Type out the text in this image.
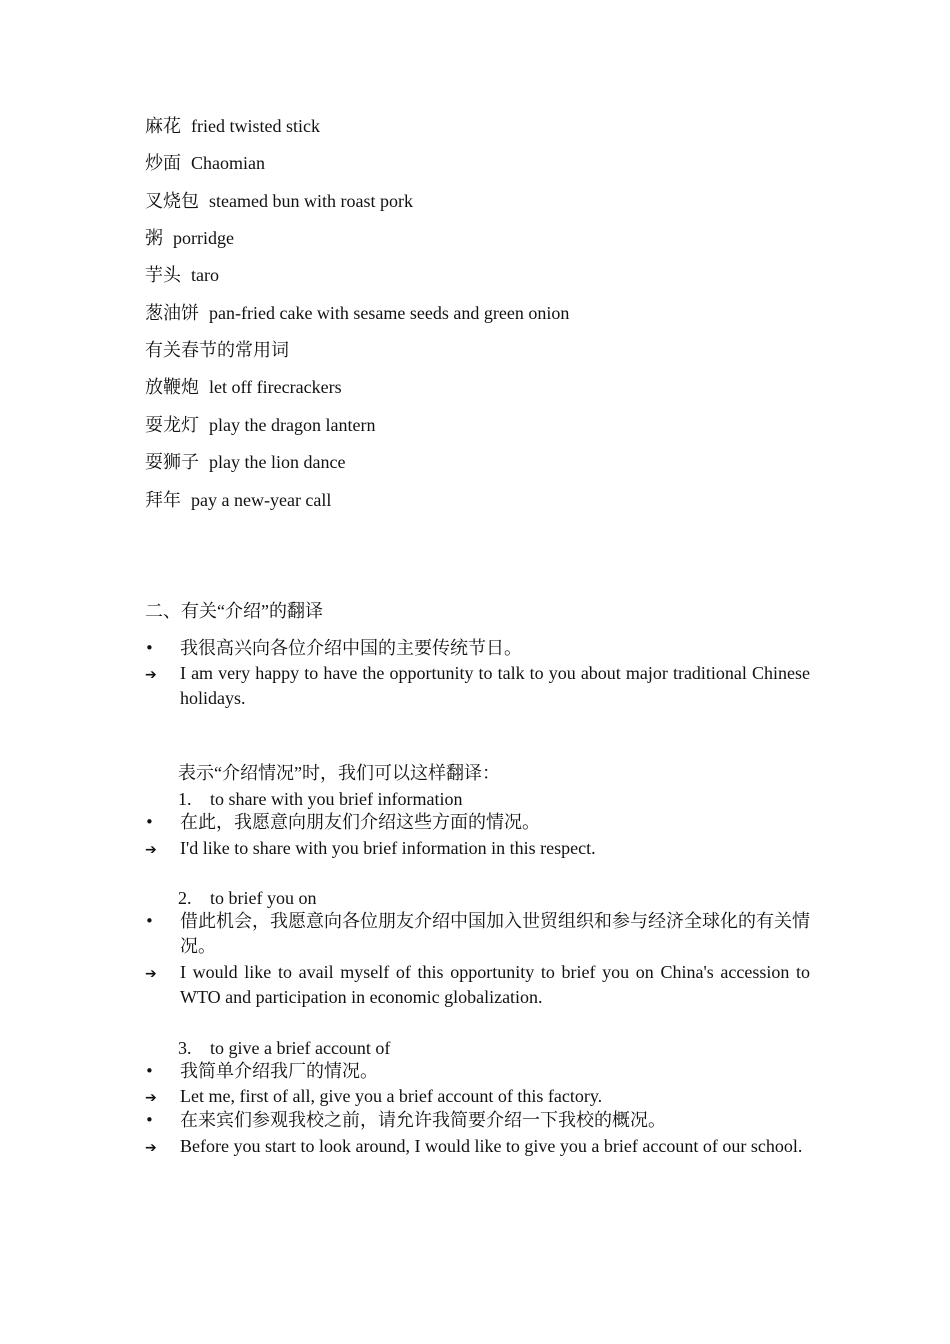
麻花 fried twisted stick
炒面 Chaomian
叉烧包 steamed bun with roast pork
粥 porridge
芋头 taro
葱油饼 pan-fried cake with sesame seeds and green onion
有关春节的常用词
放鞭炮 let off firecrackers
耍龙灯 play the dragon lantern
耍狮子 play the lion dance
拜年 pay a new-year call
二、有关“介绍”的翻译
•	我很高兴向各位介绍中国的主要传统节日。
➔	I am very happy to have the opportunity to talk to you about major traditional Chinese holidays.
表示“介绍情况”时，我们可以这样翻译：
1. to share with you brief information
•	在此，我愿意向朋友们介绍这些方面的情况。
➔	I'd like to share with you brief information in this respect.
2. to brief you on
•	借此机会，我愿意向各位朋友介绍中国加入世贸组织和参与经济全球化的有关情况。
➔	I would like to avail myself of this opportunity to brief you on China's accession to WTO and participation in economic globalization.
3. to give a brief account of
•	我简单介绍我厂的情况。
➔	Let me, first of all, give you a brief account of this factory.
•	在来宾们参观我校之前，请允许我简要介绍一下我校的概况。
➔	Before you start to look around, I would like to give you a brief account of our school.
